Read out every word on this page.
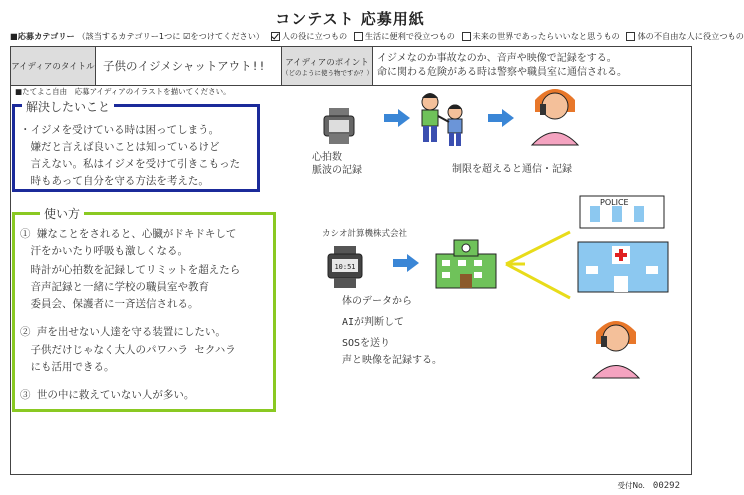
コンテスト 応募用紙
■応募カテゴリー （該当するカテゴリー1つに ☑をつけてください） 人の役に立つもの 生活に便利で役立つもの 未来の世界であったらいいなと思うもの 体の不自由な人に役立つもの
アイディアのタイトル 子供のイジメシャットアウト!!	アイディアのポイント
（どのように使う物ですか？）
イジメなのか事故なのか、音声や映像で記録をする。
命に関わる危険がある時は警察や職員室に通信される。
■たてよこ自由　応募アイディアのイラストを描いてください。
解決したいこと
・イジメを受けている時は困ってしまう。
　嫌だと言えば良いことは知っているけど
　言えない。私はイジメを受けて引きこもった
　時もあって自分を守る方法を考えた。
使い方
① 嫌なことをされると、心臓がドキドキして
　汗をかいたり呼吸も激しくなる。
　時計が心拍数を記録してリミットを超えたら
　音声記録と一緒に学校の職員室や教育
　委員会、保護者に一斉送信される。
② 声を出せない人達を守る装置にしたい。
　子供だけじゃなく大人のパワハラ セクハラ
　にも活用できる。
③ 世の中に救えていない人が多い。
心拍数
脈波の記録	制限を超えると通信・記録
カシオ計算機株式会社
10:51
POLICE
体のデータから
AIが判断して
SOSを送り
声と映像を記録する。
受付No. 00292
